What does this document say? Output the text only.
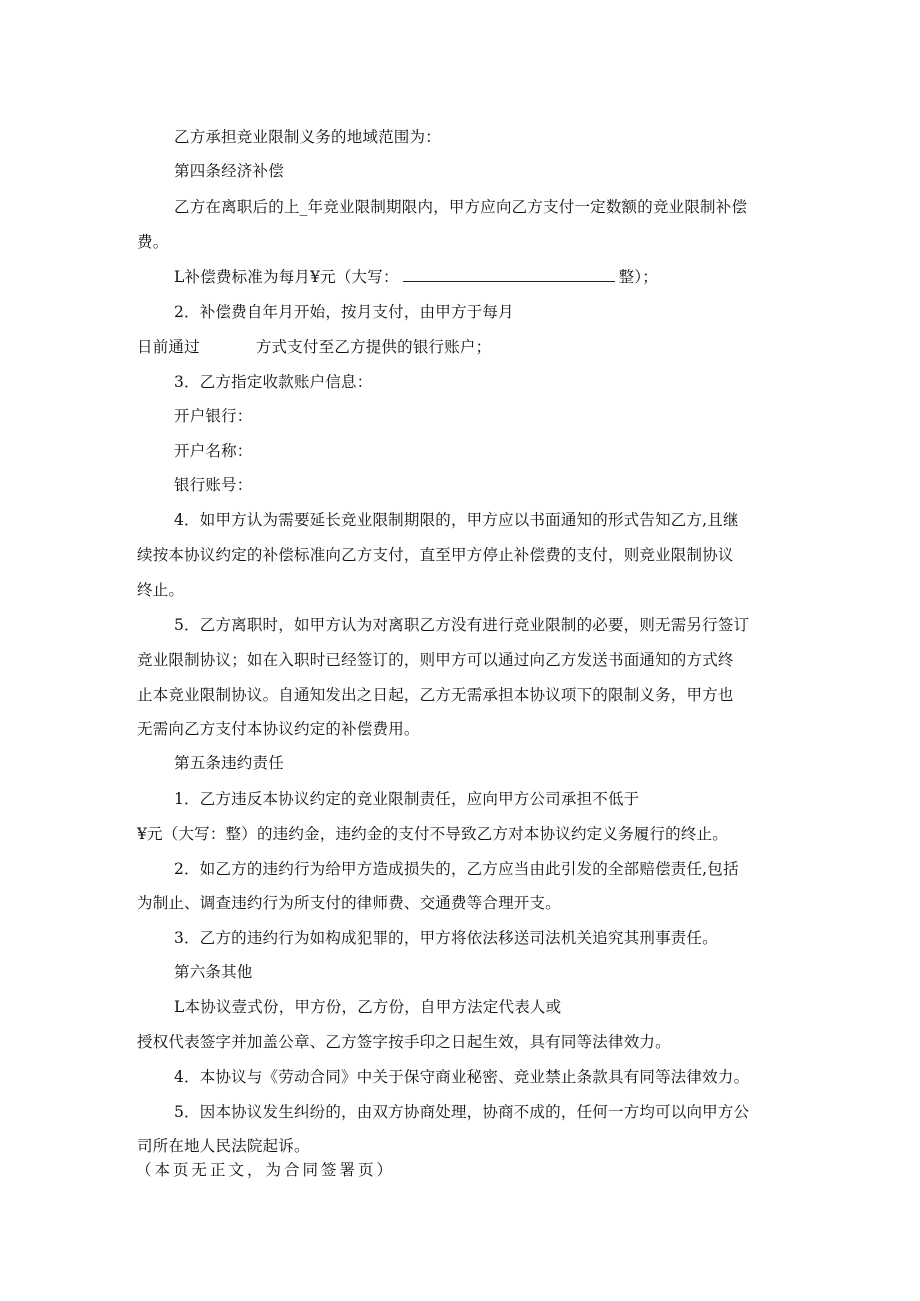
乙方承担竞业限制义务的地域范围为：
第四条经济补偿
乙方在离职后的上_年竞业限制期限内，甲方应向乙方支付一定数额的竞业限制补偿
费。
L补偿费标准为每月¥元（大写：	整）；
2．补偿费自年月开始，按月支付，由甲方于每月
日前通过	方式支付至乙方提供的银行账户；
3．乙方指定收款账户信息：
开户银行：
开户名称：
银行账号：
4．如甲方认为需要延长竞业限制期限的，甲方应以书面通知的形式告知乙方,且继
续按本协议约定的补偿标准向乙方支付，直至甲方停止补偿费的支付，则竞业限制协议
终止。
5．乙方离职时，如甲方认为对离职乙方没有进行竞业限制的必要，则无需另行签订
竞业限制协议；如在入职时已经签订的，则甲方可以通过向乙方发送书面通知的方式终
止本竞业限制协议。自通知发出之日起，乙方无需承担本协议项下的限制义务，甲方也
无需向乙方支付本协议约定的补偿费用。
第五条违约责任
1．乙方违反本协议约定的竞业限制责任，应向甲方公司承担不低于
¥元（大写：整）的违约金，违约金的支付不导致乙方对本协议约定义务履行的终止。
2．如乙方的违约行为给甲方造成损失的，乙方应当由此引发的全部赔偿责任,包括
为制止、调查违约行为所支付的律师费、交通费等合理开支。
3．乙方的违约行为如构成犯罪的，甲方将依法移送司法机关追究其刑事责任。
第六条其他
L本协议壹式份，甲方份，乙方份，自甲方法定代表人或
授权代表签字并加盖公章、乙方签字按手印之日起生效，具有同等法律效力。
4．本协议与《劳动合同》中关于保守商业秘密、竞业禁止条款具有同等法律效力。
5．因本协议发生纠纷的，由双方协商处理，协商不成的，任何一方均可以向甲方公
司所在地人民法院起诉。
（本页无正文，为合同签署页）
